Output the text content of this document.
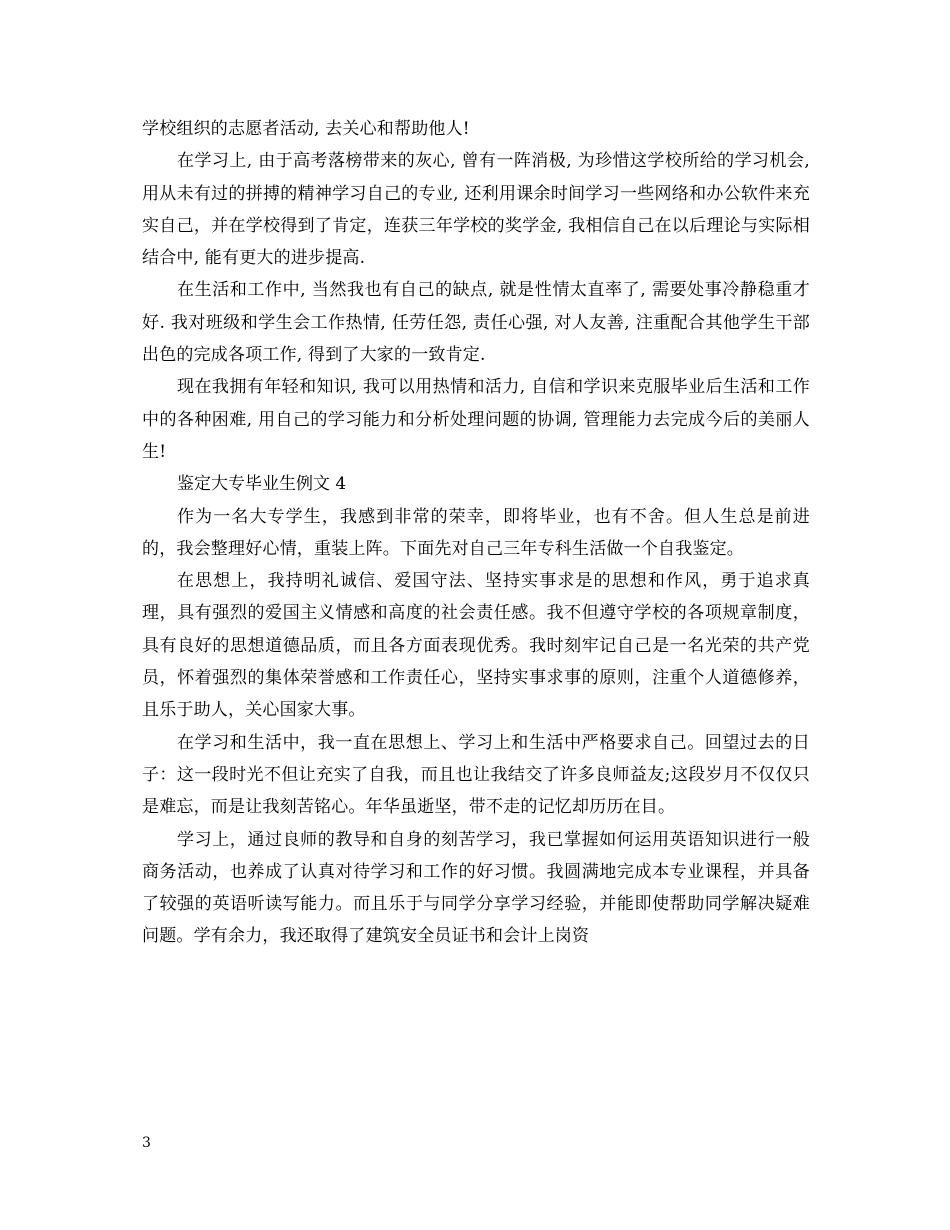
学校组织的志愿者活动, 去关心和帮助他人!

在学习上, 由于高考落榜带来的灰心, 曾有一阵消极, 为珍惜这学校所给的学习机会, 用从未有过的拼搏的精神学习自己的专业, 还利用课余时间学习一些网络和办公软件来充实自己，并在学校得到了肯定，连获三年学校的奖学金, 我相信自己在以后理论与实际相结合中, 能有更大的进步提高.

在生活和工作中, 当然我也有自己的缺点, 就是性情太直率了, 需要处事冷静稳重才好. 我对班级和学生会工作热情, 任劳任怨, 责任心强, 对人友善, 注重配合其他学生干部出色的完成各项工作, 得到了大家的一致肯定.

现在我拥有年轻和知识, 我可以用热情和活力, 自信和学识来克服毕业后生活和工作中的各种困难, 用自己的学习能力和分析处理问题的协调, 管理能力去完成今后的美丽人生!

鉴定大专毕业生例文 4

作为一名大专学生，我感到非常的荣幸，即将毕业，也有不舍。但人生总是前进的，我会整理好心情，重装上阵。下面先对自己三年专科生活做一个自我鉴定。

在思想上，我持明礼诚信、爱国守法、坚持实事求是的思想和作风，勇于追求真理，具有强烈的爱国主义情感和高度的社会责任感。我不但遵守学校的各项规章制度，具有良好的思想道德品质，而且各方面表现优秀。我时刻牢记自己是一名光荣的共产党员，怀着强烈的集体荣誉感和工作责任心，坚持实事求事的原则，注重个人道德修养，且乐于助人，关心国家大事。

在学习和生活中，我一直在思想上、学习上和生活中严格要求自己。回望过去的日子：这一段时光不但让充实了自我，而且也让我结交了许多良师益友;这段岁月不仅仅只是难忘，而是让我刻苦铭心。年华虽逝坚，带不走的记忆却历历在目。

学习上，通过良师的教导和自身的刻苦学习，我已掌握如何运用英语知识进行一般商务活动，也养成了认真对待学习和工作的好习惯。我圆满地完成本专业课程，并具备了较强的英语听读写能力。而且乐于与同学分享学习经验，并能即使帮助同学解决疑难问题。学有余力，我还取得了建筑安全员证书和会计上岗资

3
